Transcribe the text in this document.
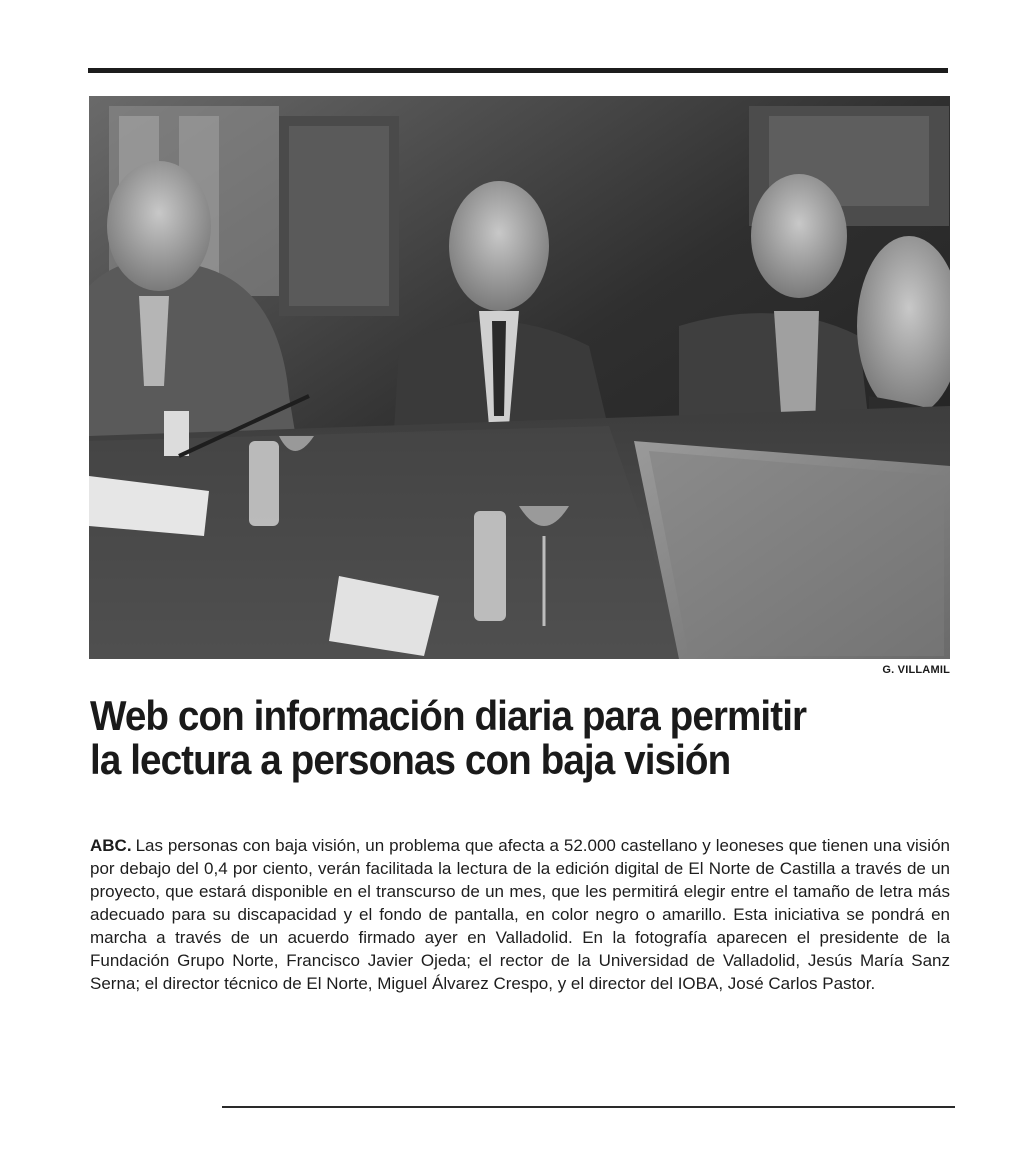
G. VILLAMIL
Web con información diaria para permitir
la lectura a personas con baja visión

ABC. Las personas con baja visión, un problema que afecta a 52.000 castellano y leoneses que tienen una visión por debajo del 0,4 por ciento, verán facilitada la lectura de la edición digital de El Norte de Castilla a través de un proyecto, que estará disponible en el transcurso de un mes, que les permitirá elegir entre el tamaño de letra más adecuado para su discapacidad y el fondo de pantalla, en color negro o amarillo. Esta iniciativa se pondrá en marcha a través de un acuerdo firmado ayer en Valladolid. En la fotografía aparecen el presidente de la Fundación Grupo Norte, Francisco Javier Ojeda; el rector de la Universidad de Valladolid, Jesús María Sanz Serna; el director técnico de El Norte, Miguel Álvarez Crespo, y el director del IOBA, José Carlos Pastor.
